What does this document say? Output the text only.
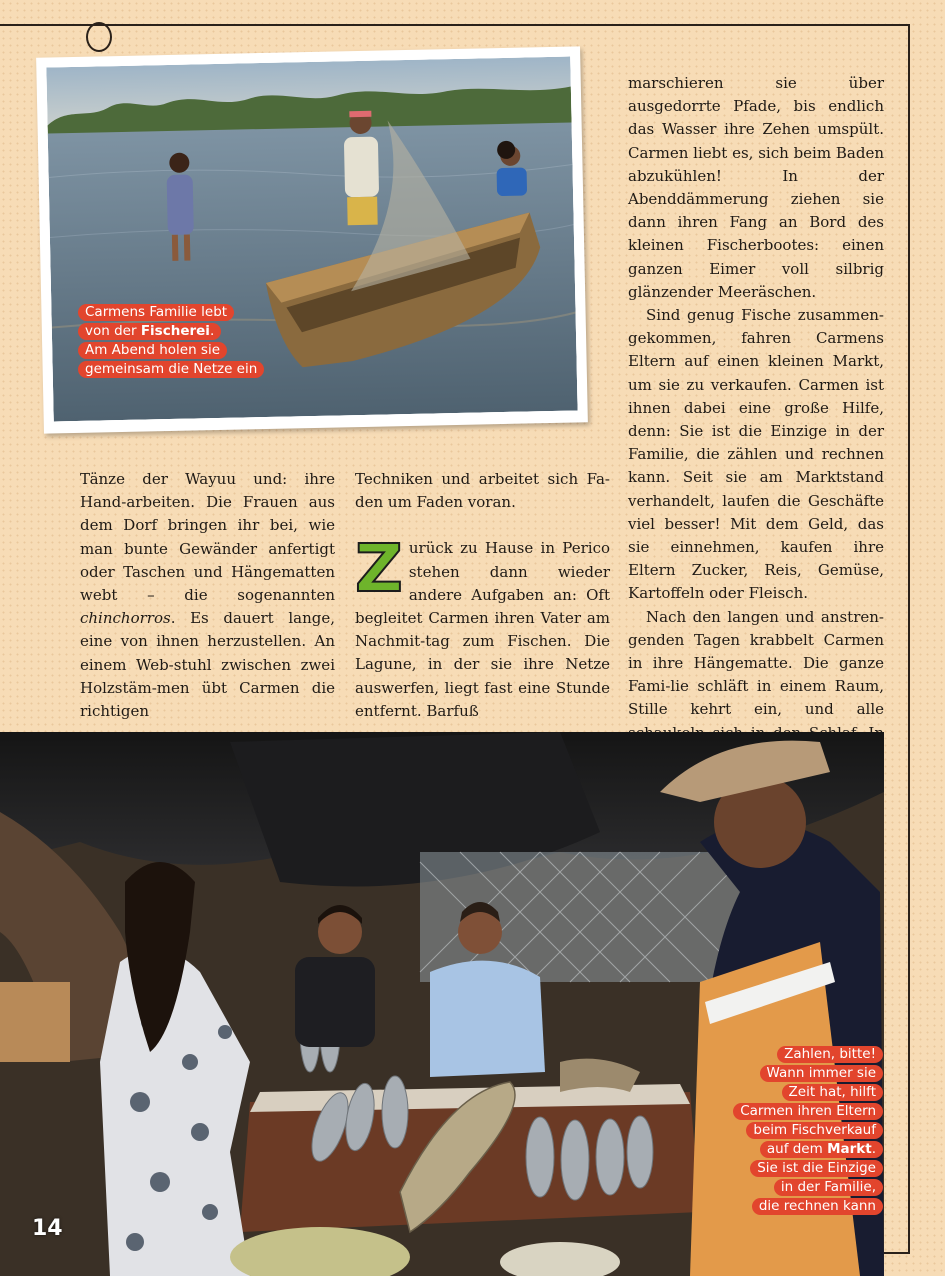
Carmens Familie lebt
von der Fischerei.
Am Abend holen sie
gemeinsam die Netze ein

marschieren sie über ausgedorrte Pfade, bis endlich das Wasser ihre Zehen umspült. Carmen liebt es, sich beim Baden abzukühlen! In der Abenddämmerung ziehen sie dann ihren Fang an Bord des kleinen Fischerbootes: einen ganzen Eimer voll silbrig glänzender Meeräschen.

Sind genug Fische zusammen-gekommen, fahren Carmens Eltern auf einen kleinen Markt, um sie zu verkaufen. Carmen ist ihnen dabei eine große Hilfe, denn: Sie ist die Einzige in der Familie, die zählen und rechnen kann. Seit sie am Marktstand verhandelt, laufen die Geschäfte viel besser! Mit dem Geld, das sie einnehmen, kaufen ihre Eltern Zucker, Reis, Gemüse, Kartoffeln oder Fleisch.

Nach den langen und anstren-genden Tagen krabbelt Carmen in ihre Hängematte. Die ganze Fami-lie schläft in einem Raum, Stille kehrt ein, und alle

Tänze der Wayuu und: ihre Hand-arbeiten. Die Frauen aus dem Dorf bringen ihr bei, wie man bunte Gewänder anfertigt oder Taschen und Hängematten webt – die sogenannten chinchorros. Es dauert lange, eine von ihnen herzustellen. An einem Web-stuhl zwischen zwei Holzstäm-men übt Carmen die richtigen

Techniken und arbeitet sich Fa-den um Faden voran.

Zurück zu Hause in Perico stehen dann wieder andere Aufgaben an: Oft begleitet Carmen ihren Vater am Nachmit-tag zum Fischen. Die Lagune, in der sie ihre Netze auswerfen, liegt fast eine Stunde entfernt. Barfuß

Zahlen, bitte!
Wann immer sie
Zeit hat, hilft
Carmen ihren Eltern
beim Fischverkauf
auf dem Markt.
Sie ist die Einzige
in der Familie,
die rechnen kann
14
